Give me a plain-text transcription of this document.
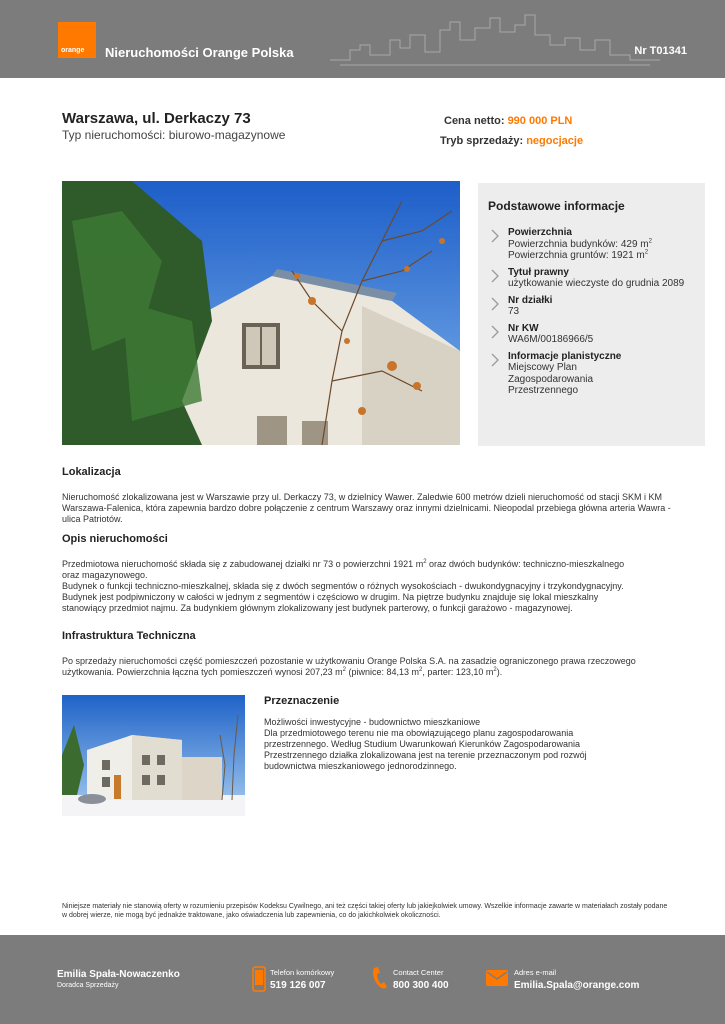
orange Nieruchomości Orange Polska	Nr T01341
Warszawa, ul. Derkaczy 73
Typ nieruchomości: biurowo-magazynowe
Cena netto: 990 000 PLN
Tryb sprzedaży: negocjacje
Podstawowe informacje
Powierzchnia
Powierzchnia budynków: 429 $m^2$
Powierzchnia gruntów: 1921 $m^2$
Tytuł prawny
użytkowanie wieczyste do grudnia 2089
Nr działki
73
Nr KW
WA6M/00186966/5
Informacje planistyczne
Miejscowy Plan Zagospodarowania Przestrzennego
Lokalizacja
Nieruchomość zlokalizowana jest w Warszawie przy ul. Derkaczy 73, w dzielnicy Wawer. Zaledwie 600 metrów dzieli nieruchomość od stacji SKM i KM Warszawa-Falenica, która zapewnia bardzo dobre połączenie z centrum Warszawy oraz innymi dzielnicami. Nieopodal przebiega główna arteria Wawra - ulica Patriotów.
Opis nieruchomości

Przedmiotowa nieruchomość składa się z zabudowanej działki nr 73 o powierzchni 1921 $m^2$ oraz dwóch budynków: techniczno-mieszkalnego oraz magazynowego.

Budynek o funkcji techniczno-mieszkalnej, składa się z dwóch segmentów o różnych wysokościach - dwukondygnacyjny i trzykondygnacyjny. Budynek jest podpiwniczony w całości w jednym z segmentów i częściowo w drugim. Na piętrze budynku znajduje się lokal mieszkalny stanowiący przedmiot najmu. Za budynkiem głównym zlokalizowany jest budynek parterowy, o funkcji garażowo - magazynowej.

Infrastruktura Techniczna
Po sprzedaży nieruchomości część pomieszczeń pozostanie w użytkowaniu Orange Polska S.A. na zasadzie ograniczonego prawa rzeczowego użytkowania. Powierzchnia łączna tych pomieszczeń wynosi 207,23 $m^2$ (piwnice: 84,13 $m^2$, parter: 123,10 $m^2$).
Przeznaczenie

Możliwości inwestycyjne - budownictwo mieszkaniowe

Dla przedmiotowego terenu nie ma obowiązującego planu zagospodarowania przestrzennego. Według Studium Uwarunkowań Kierunków Zagospodarowania Przestrzennego działka zlokalizowana jest na terenie przeznaczonym pod rozwój budownictwa mieszkaniowego jednorodzinnego.

Niniejsze materiały nie stanowią oferty w rozumieniu przepisów Kodeksu Cywilnego, ani też części takiej oferty lub jakiejkolwiek umowy. Wszelkie informacje zawarte w materiałach zostały podane w dobrej wierze, nie mogą być jednakże traktowane, jako oświadczenia lub zapewnienia, co do jakichkolwiek okoliczności.
Emilia Spała-Nowaczenko
Doradca Sprzedaży
Telefon komórkowy
519 126 007
Contact Center
800 300 400
Adres e-mail
Emilia.Spala@orange.com
